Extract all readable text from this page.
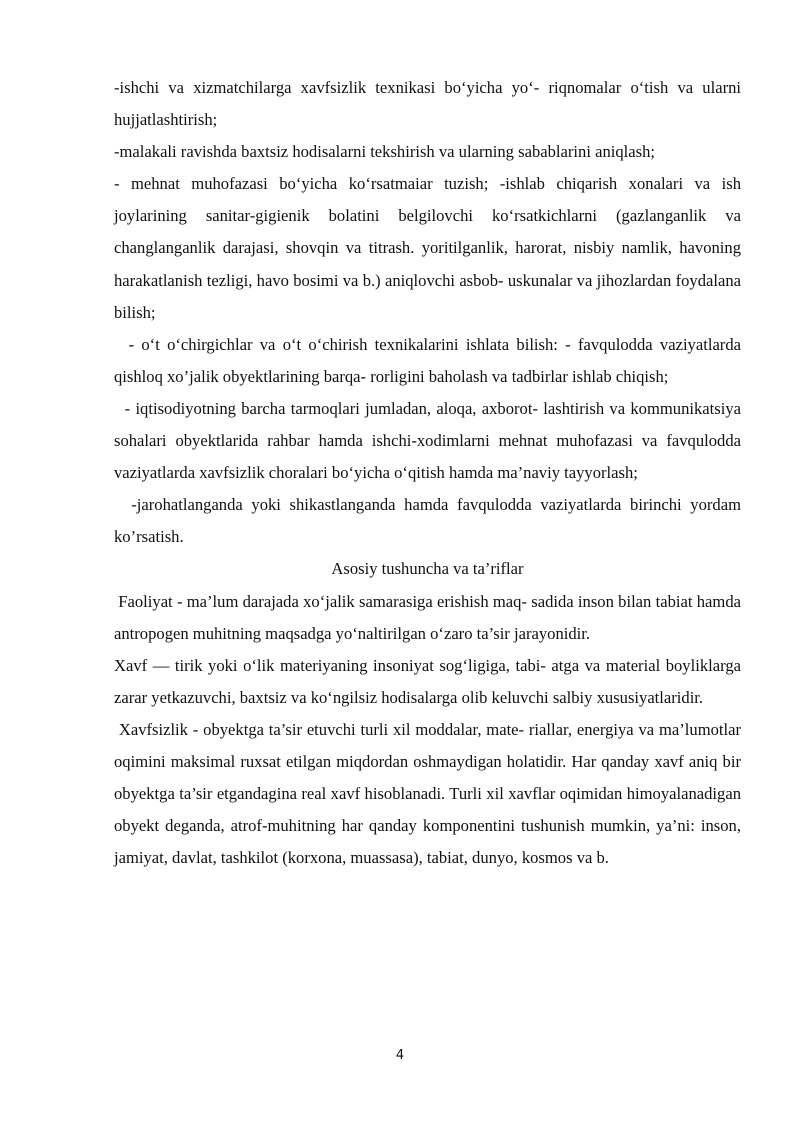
-ishchi va xizmatchilarga xavfsizlik texnikasi bo‘yicha yo‘- riqnomalar o‘tish va ularni hujjatlashtirish;

-malakali ravishda baxtsiz hodisalarni tekshirish va ularning sabablarini aniqlash;

- mehnat muhofazasi bo‘yicha ko‘rsatmaiar tuzish; -ishlab chiqarish xonalari va ish joylarining sanitar-gigienik bolatini belgilovchi ko‘rsatkichlarni (gazlanganlik va changlanganlik darajasi, shovqin va titrash. yoritilganlik, harorat, nisbiy namlik, havoning harakatlanish tezligi, havo bosimi va b.) aniqlovchi asbob- uskunalar va jihozlardan foydalana bilish;

- o‘t o‘chirgichlar va o‘t o‘chirish texnikalarini ishlata bilish: - favqulodda vaziyatlarda qishloq xo’jalik obyektlarining barqa- rorligini baholash va tadbirlar ishlab chiqish;

- iqtisodiyotning barcha tarmoqlari jumladan, aloqa, axborot- lashtirish va kommunikatsiya sohalari obyektlarida rahbar hamda ishchi-xodimlarni mehnat muhofazasi va favqulodda vaziyatlarda xavfsizlik choralari bo‘yicha o‘qitish hamda ma’naviy tayyorlash;

-jarohatlanganda yoki shikastlanganda hamda favqulodda vaziyatlarda birinchi yordam ko’rsatish.

Asosiy tushuncha va ta’riflar

Faoliyat - ma’lum darajada xo‘jalik samarasiga erishish maq- sadida inson bilan tabiat hamda antropogen muhitning maqsadga yo‘naltirilgan o‘zaro ta’sir jarayonidir.

Xavf — tirik yoki o‘lik materiyaning insoniyat sog‘ligiga, tabi- atga va material boyliklarga zarar yetkazuvchi, baxtsiz va ko‘ngilsiz hodisalarga olib keluvchi salbiy xususiyatlaridir.

Xavfsizlik - obyektga ta’sir etuvchi turli xil moddalar, mate- riallar, energiya va ma’lumotlar oqimini maksimal ruxsat etilgan miqdordan oshmaydigan holatidir. Har qanday xavf aniq bir obyektga ta’sir etgandagina real xavf hisoblanadi. Turli xil xavflar oqimidan himoyalanadigan obyekt deganda, atrof-muhitning har qanday komponentini tushunish mumkin, ya’ni: inson, jamiyat, davlat, tashkilot (korxona, muassasa), tabiat, dunyo, kosmos va b.

4
